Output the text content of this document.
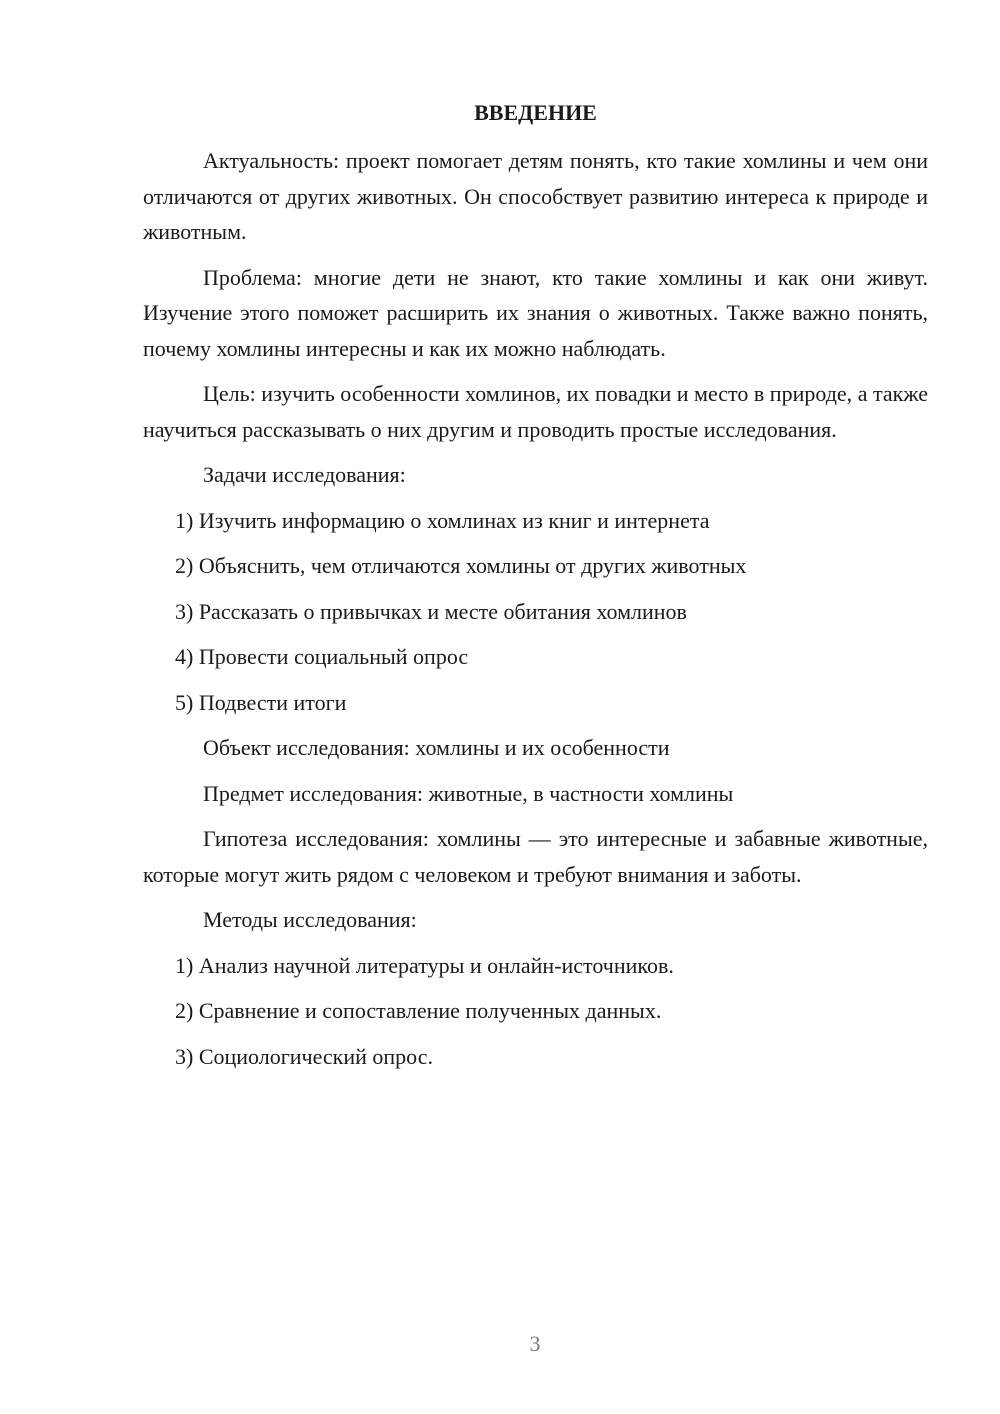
ВВЕДЕНИЕ

Актуальность: проект помогает детям понять, кто такие хомлины и чем они отличаются от других животных. Он способствует развитию интереса к природе и животным.

Проблема: многие дети не знают, кто такие хомлины и как они живут. Изучение этого поможет расширить их знания о животных. Также важно понять, почему хомлины интересны и как их можно наблюдать.

Цель: изучить особенности хомлинов, их повадки и место в природе, а также научиться рассказывать о них другим и проводить простые исследования.

Задачи исследования:

1) Изучить информацию о хомлинах из книг и интернета

2) Объяснить, чем отличаются хомлины от других животных

3) Рассказать о привычках и месте обитания хомлинов

4) Провести социальный опрос

5) Подвести итоги

Объект исследования: хомлины и их особенности

Предмет исследования: животные, в частности хомлины

Гипотеза исследования: хомлины — это интересные и забавные животные, которые могут жить рядом с человеком и требуют внимания и заботы.

Методы исследования:

1) Анализ научной литературы и онлайн-источников.

2) Сравнение и сопоставление полученных данных.

3) Социологический опрос.

3
